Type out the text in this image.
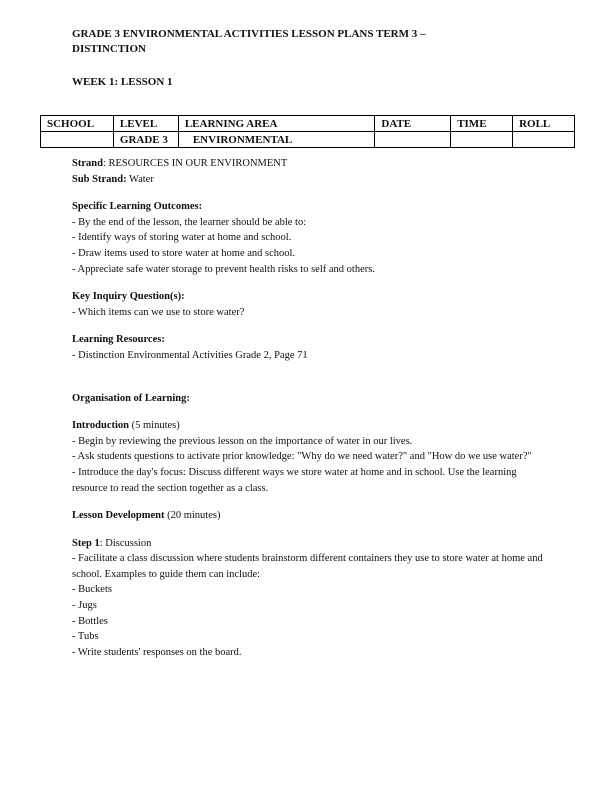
GRADE 3 ENVIRONMENTAL ACTIVITIES LESSON PLANS TERM 3 – DISTINCTION
WEEK 1: LESSON 1
SCHOOL	LEVEL	LEARNING AREA	DATE	TIME	ROLL
	GRADE 3	ENVIRONMENTAL			

Strand: RESOURCES IN OUR ENVIRONMENT

Sub Strand: Water

Specific Learning Outcomes:

- By the end of the lesson, the learner should be able to:

- Identify ways of storing water at home and school.

- Draw items used to store water at home and school.

- Appreciate safe water storage to prevent health risks to self and others.

Key Inquiry Question(s):

- Which items can we use to store water?

Learning Resources:

- Distinction Environmental Activities Grade 2, Page 71

Organisation of Learning:

Introduction (5 minutes)

- Begin by reviewing the previous lesson on the importance of water in our lives.

- Ask students questions to activate prior knowledge: "Why do we need water?" and "How do we use water?"

- Introduce the day's focus: Discuss different ways we store water at home and in school. Use the learning resource to read the section together as a class.

Lesson Development (20 minutes)

Step 1: Discussion

- Facilitate a class discussion where students brainstorm different containers they use to store water at home and school. Examples to guide them can include:

- Buckets

- Jugs

- Bottles

- Tubs

- Write students' responses on the board.
